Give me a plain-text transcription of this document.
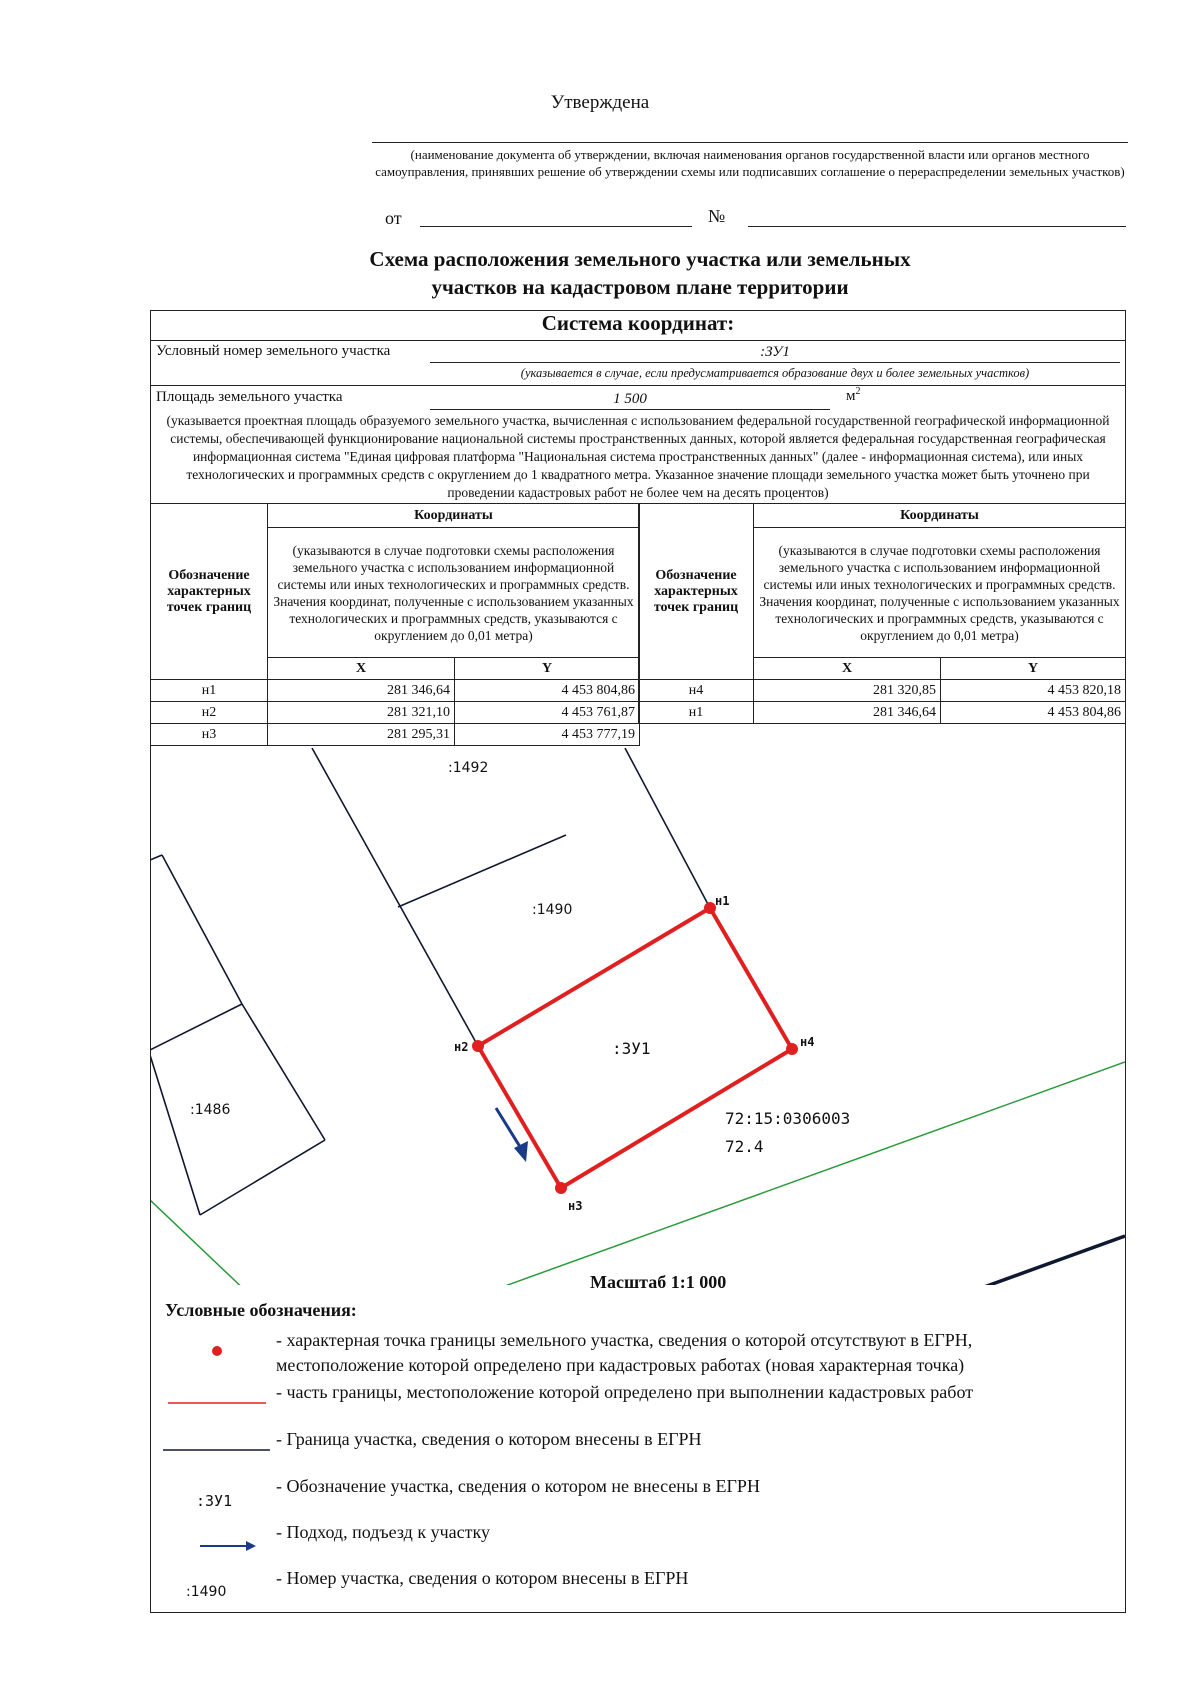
Утверждена
(наименование документа об утверждении, включая наименования органов государственной власти или органов местного самоуправления, принявших решение об утверждении схемы или подписавших соглашение о перераспределении земельных участков)
от	№
Схема расположения земельного участка или земельных
участков на кадастровом плане территории
Система координат:
Условный номер земельного участка	:ЗУ1
(указывается в случае, если предусматривается образование двух и более земельных участков)
Площадь земельного участка	1 500	$м^2$
(указывается проектная площадь образуемого земельного участка, вычисленная с использованием федеральной государственной географической информационной системы, обеспечивающей функционирование национальной системы пространственных данных, которой является федеральная государственная географическая информационная система "Единая цифровая платформа "Национальная система пространственных данных" (далее - информационная система), или иных технологических и программных средств с округлением до 1 квадратного метра. Указанное значение площади земельного участка может быть уточнено при проведении кадастровых работ не более чем на десять процентов)
Обозначение характерных точек границ	Координаты	
	(указываются в случае подготовки схемы расположения земельного участка с использованием информационной системы или иных технологических и программных средств. Значения координат, полученные с использованием указанных технологических и программных средств, указываются с округлением до 0,01 метра)	
	X	Y
н1	281 346,64	4 453 804,86
н2	281 321,10	4 453 761,87
н3	281 295,31	4 453 777,19
Обозначение характерных точек границ	Координаты	
	(указываются в случае подготовки схемы расположения земельного участка с использованием информационной системы или иных технологических и программных средств. Значения координат, полученные с использованием указанных технологических и программных средств, указываются с округлением до 0,01 метра)	
	X	Y
н4	281 320,85	4 453 820,18
н1	281 346,64	4 453 804,86
:1492
:1490
:1486
:ЗУ1
72:15:0306003
72.4
н1
н2
н3
н4
Масштаб 1:1 000
Условные обозначения:
- характерная точка границы земельного участка, сведения о которой отсутствуют в ЕГРН,
местоположение которой определено при кадастровых работах (новая характерная точка)
- часть границы, местоположение которой определено при выполнении кадастровых работ
- Граница участка, сведения о котором внесены в ЕГРН
:ЗУ1
- Обозначение участка, сведения о котором не внесены в ЕГРН
- Подход, подъезд к участку
:1490
- Номер участка, сведения о котором внесены в ЕГРН
